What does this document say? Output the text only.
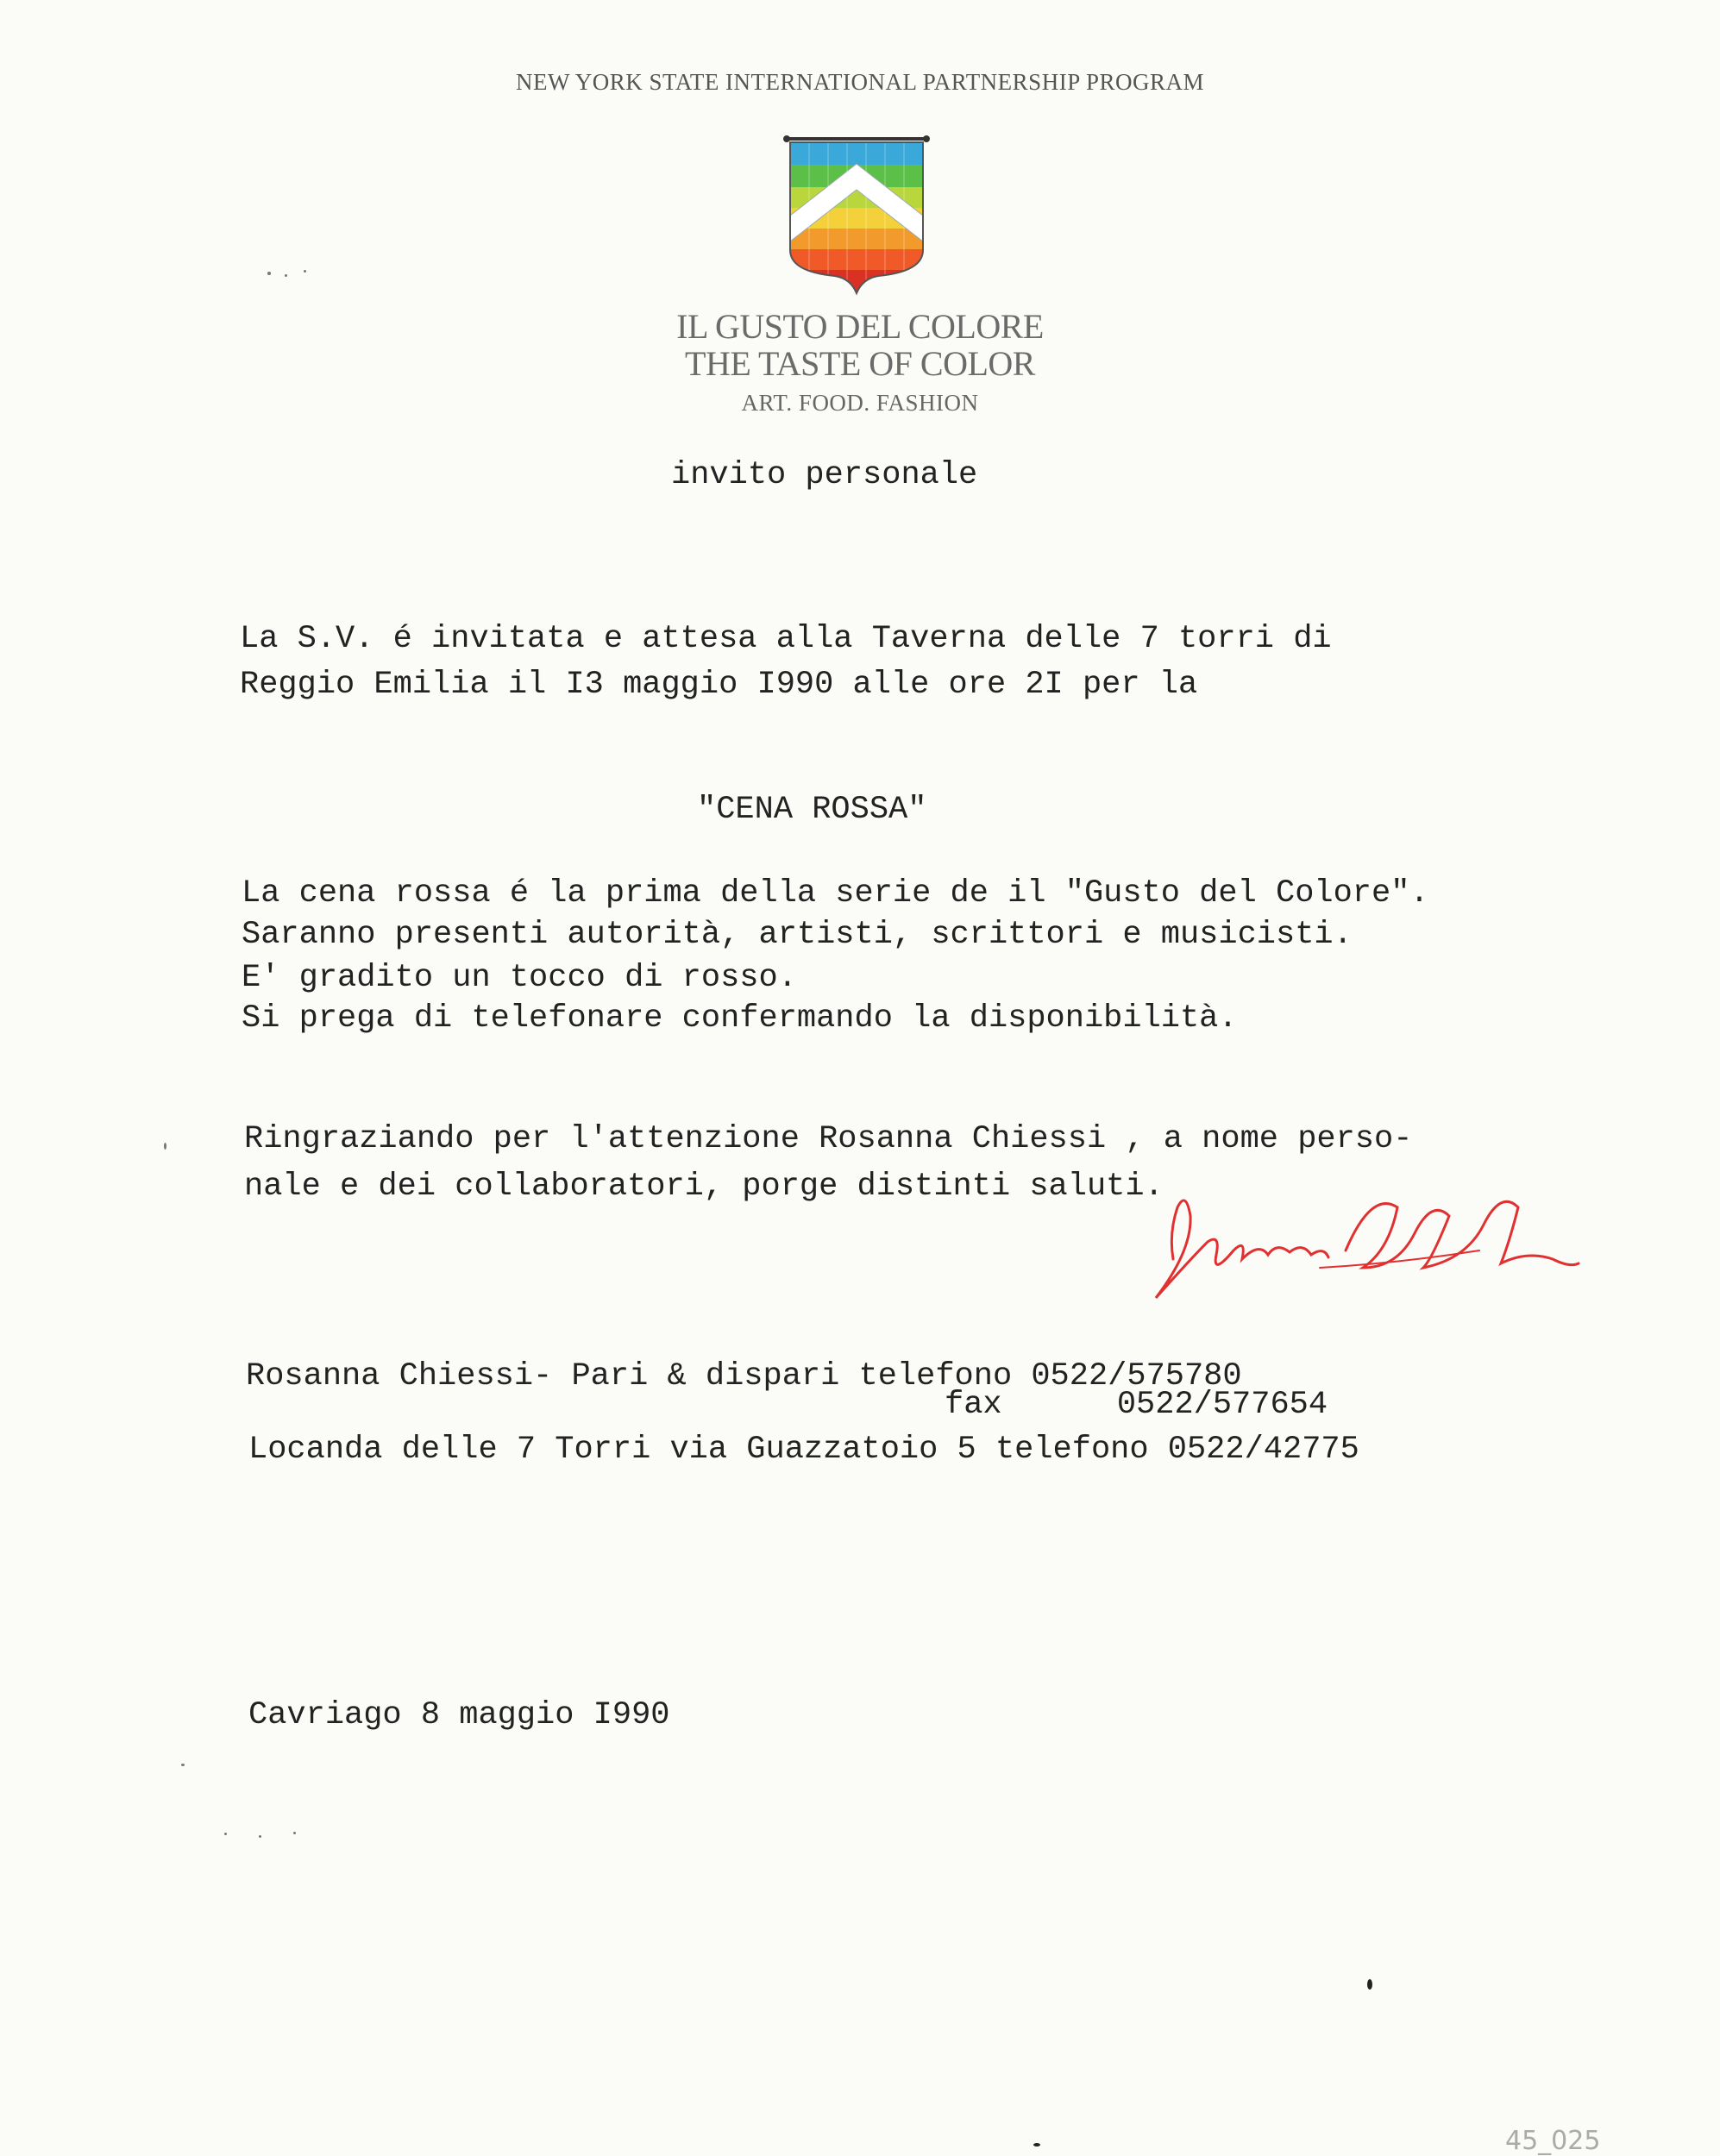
NEW YORK STATE INTERNATIONAL PARTNERSHIP PROGRAM
IL GUSTO DEL COLORE
THE TASTE OF COLOR
ART. FOOD. FASHION
invito personale
La S.V. é invitata e attesa alla Taverna delle 7 torri di
Reggio Emilia il I3 maggio I990 alle ore 2I per la
"CENA ROSSA"
La cena rossa é la prima della serie de il "Gusto del Colore".
Saranno presenti autorità, artisti, scrittori e musicisti.
E' gradito un tocco di rosso.
Si prega di telefonare confermando la disponibilità.
Ringraziando per l'attenzione Rosanna Chiessi , a nome perso-
nale e dei collaboratori, porge distinti saluti.
Rosanna Chiessi- Pari & dispari telefono 0522/575780
fax      0522/577654
Locanda delle 7 Torri via Guazzatoio 5 telefono 0522/42775
Cavriago 8 maggio I990
45_025
